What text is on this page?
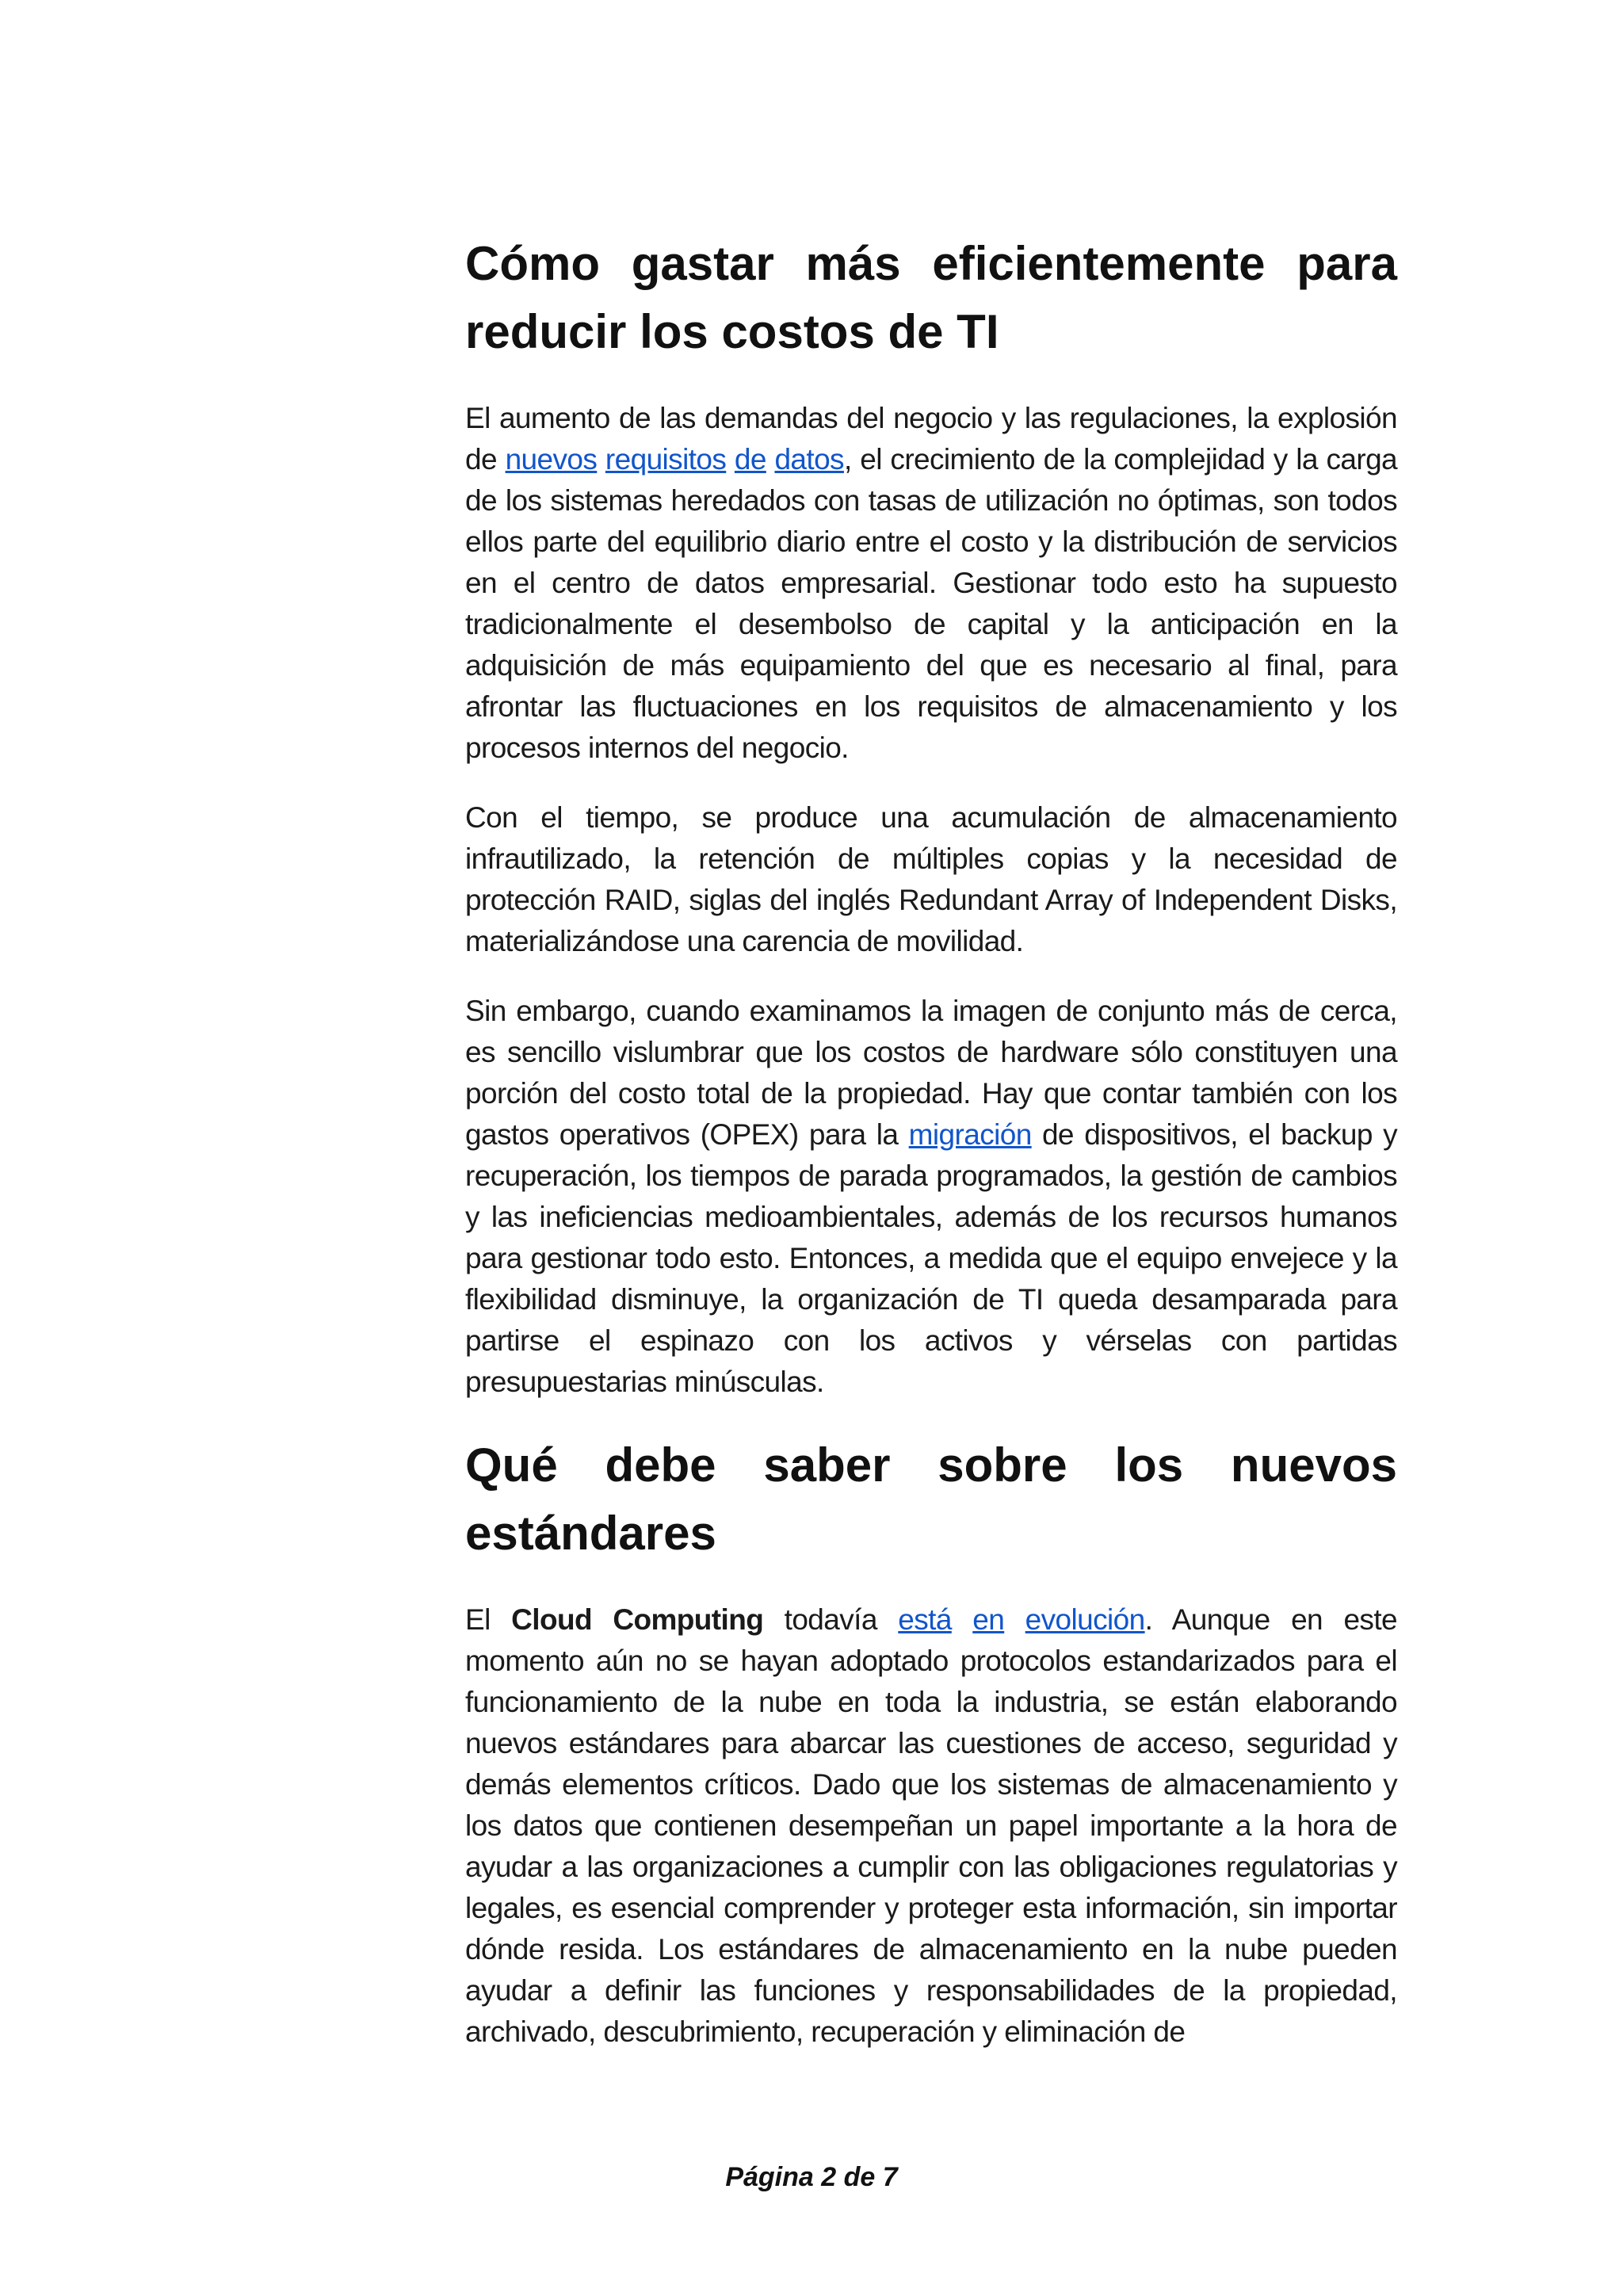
Cómo gastar más eficientemente para reducir los costos de TI

El aumento de las demandas del negocio y las regulaciones, la explosión de nuevos requisitos de datos, el crecimiento de la complejidad y la carga de los sistemas heredados con tasas de utilización no óptimas, son todos ellos parte del equilibrio diario entre el costo y la distribución de servicios en el centro de datos empresarial. Gestionar todo esto ha supuesto tradicionalmente el desembolso de capital y la anticipación en la adquisición de más equipamiento del que es necesario al final, para afrontar las fluctuaciones en los requisitos de almacenamiento y los procesos internos del negocio.

Con el tiempo, se produce una acumulación de almacenamiento infrautilizado, la retención de múltiples copias y la necesidad de protección RAID, siglas del inglés Redundant Array of Independent Disks, materializándose una carencia de movilidad.

Sin embargo, cuando examinamos la imagen de conjunto más de cerca, es sencillo vislumbrar que los costos de hardware sólo constituyen una porción del costo total de la propiedad. Hay que contar también con los gastos operativos (OPEX) para la migración de dispositivos, el backup y recuperación, los tiempos de parada programados, la gestión de cambios y las ineficiencias medioambientales, además de los recursos humanos para gestionar todo esto. Entonces, a medida que el equipo envejece y la flexibilidad disminuye, la organización de TI queda desamparada para partirse el espinazo con los activos y vérselas con partidas presupuestarias minúsculas.

Qué debe saber sobre los nuevos estándares

El Cloud Computing todavía está en evolución. Aunque en este momento aún no se hayan adoptado protocolos estandarizados para el funcionamiento de la nube en toda la industria, se están elaborando nuevos estándares para abarcar las cuestiones de acceso, seguridad y demás elementos críticos. Dado que los sistemas de almacenamiento y los datos que contienen desempeñan un papel importante a la hora de ayudar a las organizaciones a cumplir con las obligaciones regulatorias y legales, es esencial comprender y proteger esta información, sin importar dónde resida. Los estándares de almacenamiento en la nube pueden ayudar a definir las funciones y responsabilidades de la propiedad, archivado, descubrimiento, recuperación y eliminación de

Página 2 de 7
